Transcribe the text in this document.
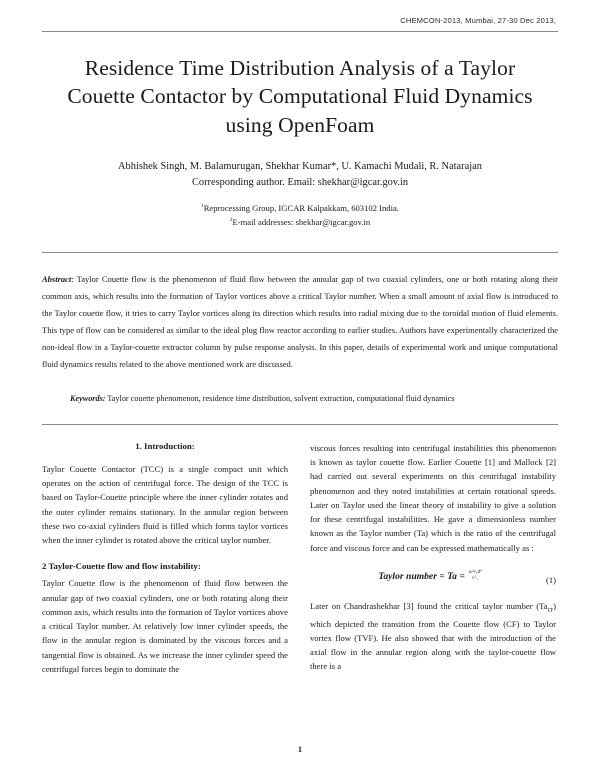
CHEMCON-2013, Mumbai, 27-30 Dec 2013,
Residence Time Distribution Analysis of a Taylor Couette Contactor by Computational Fluid Dynamics using OpenFoam
Abhishek Singh, M. Balamurugan, Shekhar Kumar*, U. Kamachi Mudali, R. Natarajan
Corresponding author. Email: shekhar@igcar.gov.in
$^1$Reprocessing Group, IGCAR Kalpakkam, 603102 India.
$^2$E-mail addresses: shekhar@igcar.gov.in
Abstract: Taylor Couette flow is the phenomenon of fluid flow between the annular gap of two coaxial cylinders, one or both rotating along their common axis, which results into the formation of Taylor vortices above a critical Taylor number. When a small amount of axial flow is introduced to the Taylor couette flow, it tries to carry Taylor vortices along its direction which results into radial mixing due to the toroidal motion of fluid elements. This type of flow can be considered as similar to the ideal plug flow reactor according to earlier studies. Authors have experimentally characterized the non-ideal flow in a Taylor-couette extractor column by pulse response analysis. In this paper, details of experimental work and unique computational fluid dynamics results related to the above mentioned work are discussed.
Keywords: Taylor couette phenomenon, residence time distribution, solvent extraction, computational fluid dynamics
1. Introduction:

Taylor Couette Contactor (TCC) is a single compact unit which operates on the action of centrifugal force. The design of the TCC is based on Taylor-Couette principle where the inner cylinder rotates and the outer cylinder remains stationary. In the annular region between these two co-axial cylinders fluid is filled which forms taylor vortices when the inner cylinder is rotated above the critical taylor number.

2 Taylor-Couette flow and flow instability:

Taylor Couette flow is the phenomenon of fluid flow between the annular gap of two coaxial cylinders, one or both rotating along their common axis, which results into the formation of Taylor vortices above a critical Taylor number. At relatively low inner cylinder speeds, the flow in the annular region is dominated by the viscous forces and a tangential flow is obtained. As we increase the inner cylinder speed the centrifugal forces begin to dominate the

viscous forces resulting into centrifugal instabilities this phenomenon is known as taylor couette flow. Earlier Couette [1] and Mallock [2] had carried out several experiments on this centrifugal instability phenomenon and they noted instabilities at certain rotational speeds. Later on Taylor used the linear theory of instability to give a solution for these centrifugal instabilities. He gave a dimensionless number known as the Taylor number (Ta) which is the ratio of the centrifugal force and viscous force and can be expressed mathematically as :

Taylor number = Ta = ω²rₑd³
ν² ,	(1)

Later on Chandrashekhar [3] found the critical taylor number $(Ta_{cr})$ which depicted the transition from the Couette flow (CF) to Taylor vortex flow (TVF). He also showed that with the introduction of the axial flow in the annular region along with the taylor-couette flow there is a

1
